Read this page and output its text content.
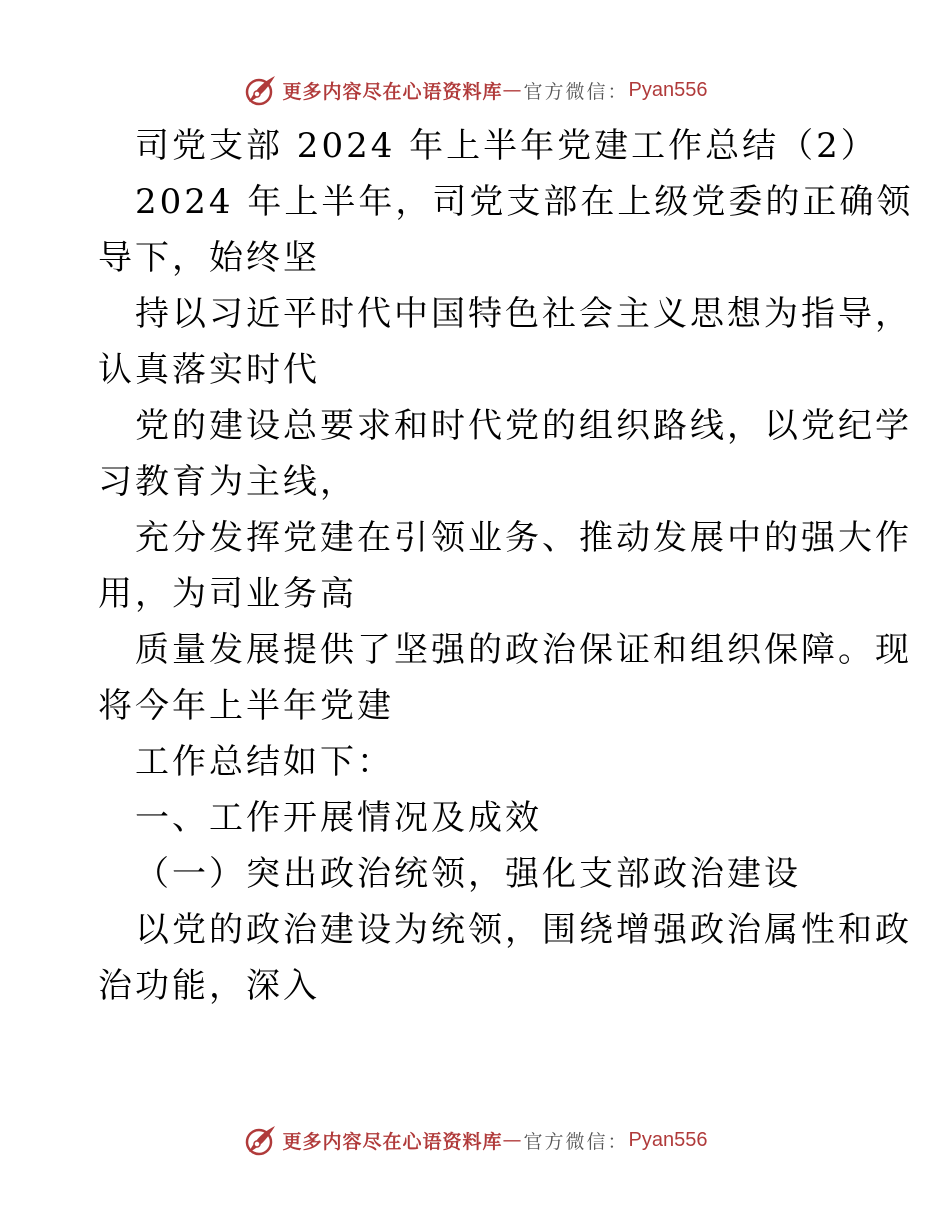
更多内容尽在心语资料库 — 官方微信： Pyan556
司党支部 2024 年上半年党建工作总结（2）
2024 年上半年，司党支部在上级党委的正确领
导下，始终坚
持以习近平时代中国特色社会主义思想为指导，
认真落实时代
党的建设总要求和时代党的组织路线，以党纪学
习教育为主线，
充分发挥党建在引领业务、推动发展中的强大作
用，为司业务高
质量发展提供了坚强的政治保证和组织保障。现
将今年上半年党建
工作总结如下：
一、工作开展情况及成效
（一）突出政治统领，强化支部政治建设
以党的政治建设为统领，围绕增强政治属性和政
治功能，深入
更多内容尽在心语资料库 — 官方微信： Pyan556
